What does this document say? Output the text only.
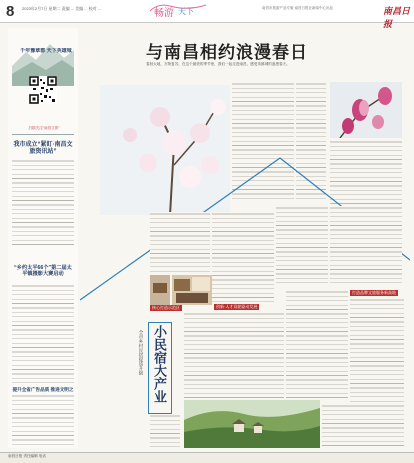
8 2023年2月7日 星期二 责编 ... 美编 ... 校对 ...	畅游 天下	南昌市旅游产品专版 南昌日报社新闻中心出品	南昌日报
千年豫章郡 天下英雄城
扫描关注“南昌文旅”
我市成立“紧盯·南昌文旅资讯站”
“乡约太平66个”第二届太平镇摄影大赛启动
提升全省广告品质 推进文明之
与南昌相约浪漫春日
春回大地，万物复苏，在这个最美的季节里，我们一起走进南昌，感受英雄城的浪漫春天。
核心打造示范区
小民宿大产业
全市乡村民宿提质升级
创新·人才双轮驱动发展
打造品牌文旅服务新高地
南昌日报 责任编辑 电话
